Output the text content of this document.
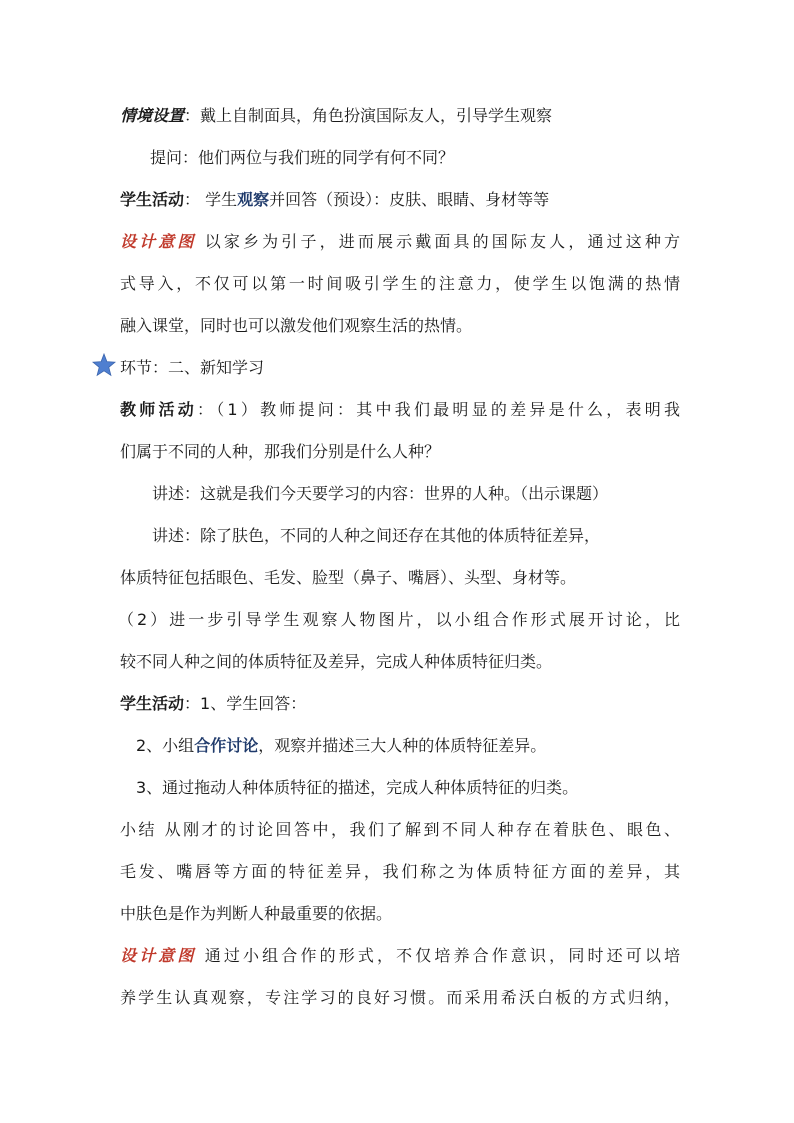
情境设置：戴上自制面具，角色扮演国际友人，引导学生观察
提问：他们两位与我们班的同学有何不同？
学生活动： 学生观察并回答（预设）：皮肤、眼睛、身材等等
设计意图 以家乡为引子，进而展示戴面具的国际友人，通过这种方
式导入，不仅可以第一时间吸引学生的注意力，使学生以饱满的热情
融入课堂，同时也可以激发他们观察生活的热情。
环节：二、新知学习
教师活动：（1）教师提问：其中我们最明显的差异是什么，表明我
们属于不同的人种，那我们分别是什么人种？
讲述：这就是我们今天要学习的内容：世界的人种。（出示课题）
讲述：除了肤色，不同的人种之间还存在其他的体质特征差异，
体质特征包括眼色、毛发、脸型（鼻子、嘴唇）、头型、身材等。
（2）进一步引导学生观察人物图片，以小组合作形式展开讨论，比
较不同人种之间的体质特征及差异，完成人种体质特征归类。
学生活动：1、学生回答：
2、小组合作讨论，观察并描述三大人种的体质特征差异。
3、通过拖动人种体质特征的描述，完成人种体质特征的归类。
小结 从刚才的讨论回答中，我们了解到不同人种存在着肤色、眼色、
毛发、嘴唇等方面的特征差异，我们称之为体质特征方面的差异，其
中肤色是作为判断人种最重要的依据。
设计意图 通过小组合作的形式，不仅培养合作意识，同时还可以培
养学生认真观察，专注学习的良好习惯。而采用希沃白板的方式归纳，
